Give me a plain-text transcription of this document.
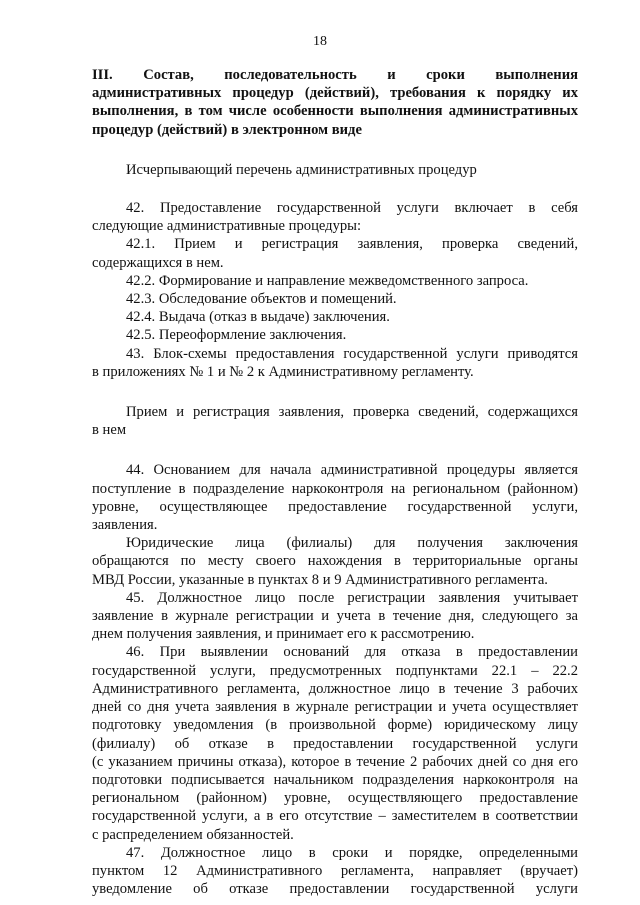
18

III. Состав, последовательность и сроки выполнения

административных процедур (действий), требования к порядку их

выполнения, в том числе особенности выполнения административных

процедур (действий) в электронном виде

Исчерпывающий перечень административных процедур

42. Предоставление государственной услуги включает в себя

следующие административные процедуры:

42.1. Прием и регистрация заявления, проверка сведений,

содержащихся в нем.

42.2. Формирование и направление межведомственного запроса.

42.3. Обследование объектов и помещений.

42.4. Выдача (отказ в выдаче) заключения.

42.5. Переоформление заключения.

43. Блок-схемы предоставления государственной услуги приводятся

в приложениях № 1 и № 2 к Административному регламенту.

Прием и регистрация заявления, проверка сведений, содержащихся

в нем

44. Основанием для начала административной процедуры является

поступление в подразделение наркоконтроля на региональном (районном)

уровне, осуществляющее предоставление государственной услуги,

заявления.

Юридические лица (филиалы) для получения заключения

обращаются по месту своего нахождения в территориальные органы

МВД России, указанные в пунктах 8 и 9 Административного регламента.

45. Должностное лицо после регистрации заявления учитывает

заявление в журнале регистрации и учета в течение дня, следующего за

днем получения заявления, и принимает его к рассмотрению.

46. При выявлении оснований для отказа в предоставлении

государственной услуги, предусмотренных подпунктами 22.1 – 22.2

Административного регламента, должностное лицо в течение 3 рабочих

дней со дня учета заявления в журнале регистрации и учета осуществляет

подготовку уведомления (в произвольной форме) юридическому лицу

(филиалу) об отказе в предоставлении государственной услуги

(с указанием причины отказа), которое в течение 2 рабочих дней со дня его

подготовки подписывается начальником подразделения наркоконтроля на

региональном (районном) уровне, осуществляющего предоставление

государственной услуги, а в его отсутствие – заместителем в соответствии

с распределением обязанностей.

47. Должностное лицо в сроки и порядке, определенными

пунктом 12 Административного регламента, направляет (вручает)

уведомление об отказе предоставлении государственной услуги
